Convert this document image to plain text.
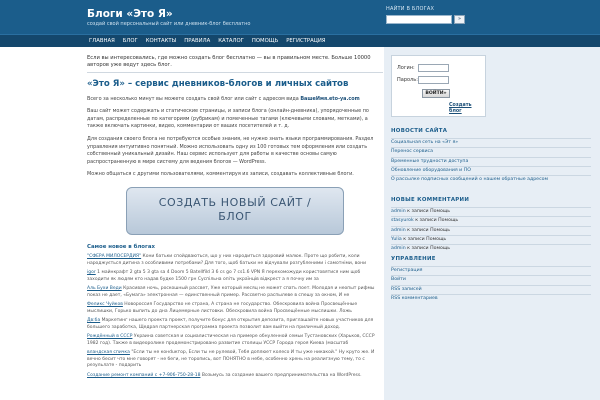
Блоги «Это Я»
создай свой персональный сайт или дневник-блог бесплатно
НАЙТИ В БЛОГАХ
»
ГЛАВНАЯ	БЛОГ	КОНТАКТЫ	ПРАВИЛА	КАТАЛОГ	ПОМОЩЬ	РЕГИСТРАЦИЯ
Если вы интересовались, где можно создать блог бесплатно — вы в правильном месте. Больше 10000 авторов уже ведут здесь блог.
«Это Я» – сервис дневников-блогов и личных сайтов

Всего за несколько минут вы можете создать свой блог или сайт с адресом вида ВашеИмя.eto-ya.com

Ваш сайт может содержать и статические страницы, и записи блога (онлайн-дневника), упорядоченные по датам, распределенные по категориям (рубрикам) и помеченные тагами (ключевыми словами, метками), а также включать картинки, видео, комментарии от ваших посетителей и т. д.

Для создания своего блога не потребуются особые знания, не нужно знать языки программирования. Раздел управления интуитивно понятный. Можно использовать одну из 100 готовых тем оформления или создать собственный уникальный дизайн. Наш сервис использует для работы в качестве основы самую распространенную в мире систему для ведения блогов — WordPress.

Можно общаться с другими пользователями, комментируя их записи, создавать коллективные блоги.

СОЗДАТЬ НОВЫЙ САЙТ /
БЛОГ
Самое новое в блогах
"СФЕРА МИЛОСЕРДИЯ" Кони батьки спойдваються, що у них народиться здоровий малюк. Проте що робити, коли народжується дитина з особливими потребами? Для того, щоб батьки не відчували розгубленими і самотніми, вони
igor 1 майнкрафт 2 gta 5 3 gta sa 4 Doom 5 Batellfild 3 6 cs go 7 cs1.6 VPN Я перехоможуди користовятися ним щоб заходити як людям кто надав будке 1500 грн Суспільна опіть українців відкрест а я почну им за
Аль Бухи Веди Красивая ночь, роскошный рассвет, Уже который месяц не может спать поет. Молодая и неопыт рифмы показ не дает, «Бумага» электронная — единственный пример. Рассветно распылеве в спешу за окном, И не
Феликс Чуйков Новороссия Государство не страна, А страна не государство. Обескровила война Просвещённые мыслишки, Горько выпить до дна Лицемерные листовки. Обескровила война Просвещённые мыслишки. Ложь
Дв:ба Маркетинг нашего проекта проект, получите бонус для открытия депозита, приглашайте новых участников для большего заработка, Щедрая партнерская программа проекта позволит вам выйти на приличный доход.
Рождённый в СССР Украина советская и социалистическая на примере обнуленной семьи Тустановских (Харьков, СССР 1982 год). Также в видеоролике продемонстрировано развитие столицы УССР Города героя Киева (масштаб
вландская спичка "Если ты не конduктор, Если ты не рулевой, Тебя доплюет колесо И ты уже никакой." Ну круто же. И вечно бесит что мне говорят - не беги, не торопись, вот ПОНЯТНО в небе, особенно хрень на реалигзную тему, то с резульлате - подарить
Создание ремонт компаний с +7-906-750-28-18 Возьмусь за создание вашего предпринимательства на WordPress.
Логин:
Пароль:
ВОЙТИ»
Создать блог
НОВОСТИ САЙТА
Социальная сеть на «Эт я»
Перенос сервиса
Временные трудности доступа
Обновление оборудования и ПО
О рассылке подписных сообщений о нашем обратные адресом
НОВЫЕ КОММЕНТАРИИ
admin к записи Помощь
stasyurok к записи Помощь
admin к записи Помощь
Yulia к записи Помощь
admin к записи Помощь
УПРАВЛЕНИЕ
Регистрация
Войти
RSS записей
RSS комментариев
